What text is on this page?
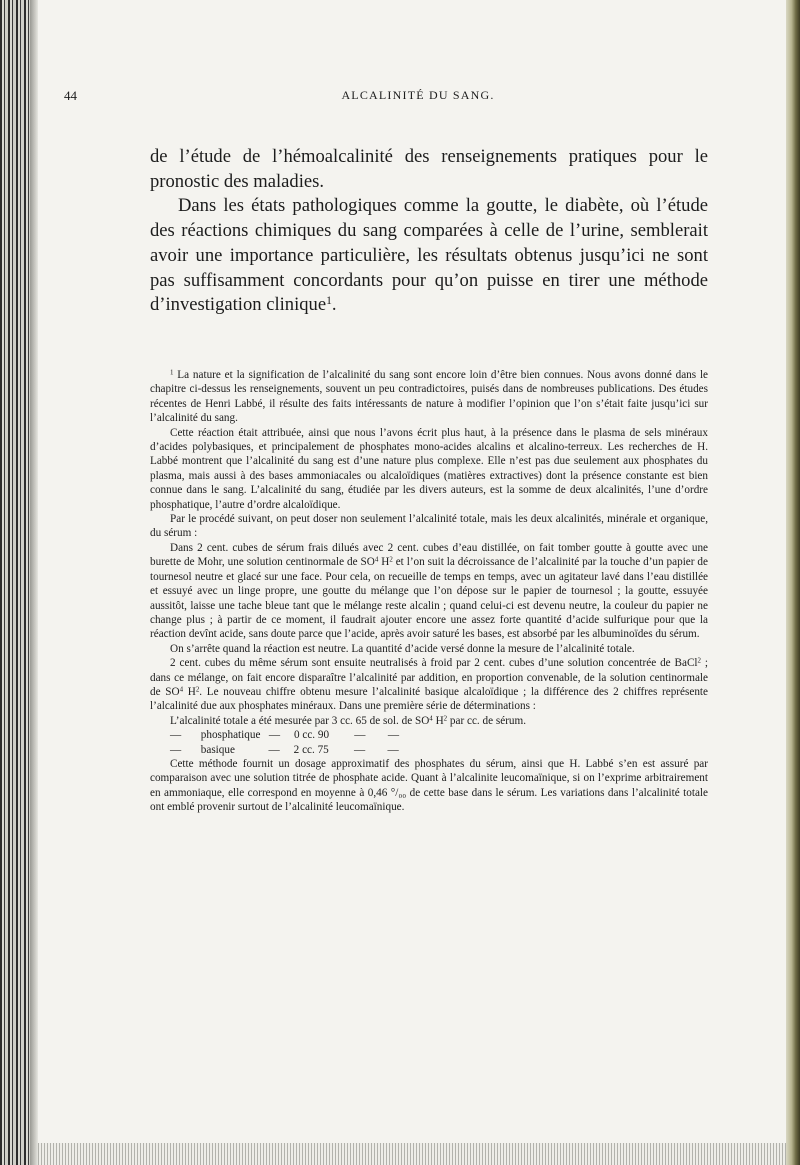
44	ALCALINITÉ DU SANG.

de l’étude de l’hémoalcalinité des renseignements pratiques pour le pronostic des maladies.

Dans les états pathologiques comme la goutte, le diabète, où l’étude des réactions chimiques du sang comparées à celle de l’urine, semblerait avoir une importance particulière, les résultats obtenus jusqu’ici ne sont pas suffisamment concordants pour qu’on puisse en tirer une méthode d’investigation clinique$^1$.

$^1$ La nature et la signification de l’alcalinité du sang sont encore loin d’être bien connues. Nous avons donné dans le chapitre ci-dessus les renseignements, souvent un peu contradictoires, puisés dans de nombreuses publications. Des études récentes de Henri Labbé, il résulte des faits intéressants de nature à modifier l’opinion que l’on s’était faite jusqu’ici sur l’alcalinité du sang.

Cette réaction était attribuée, ainsi que nous l’avons écrit plus haut, à la présence dans le plasma de sels minéraux d’acides polybasiques, et principalement de phosphates mono-acides alcalins et alcalino-terreux. Les recherches de H. Labbé montrent que l’alcalinité du sang est d’une nature plus complexe. Elle n’est pas due seulement aux phosphates du plasma, mais aussi à des bases ammoniacales ou alcaloïdiques (matières extractives) dont la présence constante est bien connue dans le sang. L’alcalinité du sang, étudiée par les divers auteurs, est la somme de deux alcalinités, l’une d’ordre phosphatique, l’autre d’ordre alcaloïdique.

Par le procédé suivant, on peut doser non seulement l’alcalinité totale, mais les deux alcalinités, minérale et organique, du sérum :

Dans 2 cent. cubes de sérum frais dilués avec 2 cent. cubes d’eau distillée, on fait tomber goutte à goutte avec une burette de Mohr, une solution centinormale de $SO^4$ $H^2$ et l’on suit la décroissance de l’alcalinité par la touche d’un papier de tournesol neutre et glacé sur une face. Pour cela, on recueille de temps en temps, avec un agitateur lavé dans l’eau distillée et essuyé avec un linge propre, une goutte du mélange que l’on dépose sur le papier de tournesol ; la goutte, essuyée aussitôt, laisse une tache bleue tant que le mélange reste alcalin ; quand celui-ci est devenu neutre, la couleur du papier ne change plus ; à partir de ce moment, il faudrait ajouter encore une assez forte quantité d’acide sulfurique pour que la réaction devînt acide, sans doute parce que l’acide, après avoir saturé les bases, est absorbé par les albuminoïdes du sérum.

On s’arrête quand la réaction est neutre. La quantité d’acide versé donne la mesure de l’alcalinité totale.

2 cent. cubes du même sérum sont ensuite neutralisés à froid par 2 cent. cubes d’une solution concentrée de BaCl$^2$ ; dans ce mélange, on fait encore disparaître l’alcalinité par addition, en proportion convenable, de la solution centinormale de $SO^4$ $H^2$. Le nouveau chiffre obtenu mesure l’alcalinité basique alcaloïdique ; la différence des 2 chiffres représente l’alcalinité due aux phosphates minéraux. Dans une première série de déterminations :

L’alcalinité totale a été mesurée par 3 cc. 65 de sol. de $SO^4$ $H^2$ par cc. de sérum.

—       phosphatique   —     0 cc. 90         —        —

—       basique            —     2 cc. 75         —        —

Cette méthode fournit un dosage approximatif des phosphates du sérum, ainsi que H. Labbé s’en est assuré par comparaison avec une solution titrée de phosphate acide. Quant à l’alcalinite leucomaïnique, si on l’exprime arbitrairement en ammoniaque, elle correspond en moyenne à 0,46 °/₀₀ de cette base dans le sérum. Les variations dans l’alcalinité totale ont emblé provenir surtout de l’alcalinité leucomaïnique.
